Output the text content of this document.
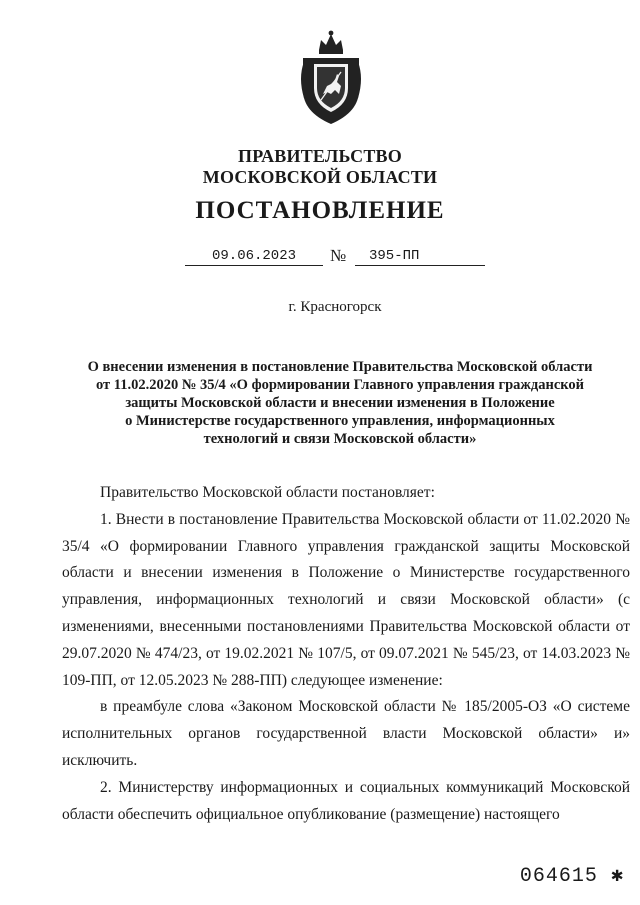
ПРАВИТЕЛЬСТВО
МОСКОВСКОЙ ОБЛАСТИ
ПОСТАНОВЛЕНИЕ
09.06.2023	№	395-ПП
г. Красногорск
О внесении изменения в постановление Правительства Московской области
от 11.02.2020 № 35/4 «О формировании Главного управления гражданской
защиты Московской области и внесении изменения в Положение
о Министерстве государственного управления, информационных
технологий и связи Московской области»

Правительство Московской области постановляет:

1. Внести в постановление Правительства Московской области от 11.02.2020 № 35/4 «О формировании Главного управления гражданской защиты Московской области и внесении изменения в Положение о Министерстве государственного управления, информационных технологий и связи Московской области» (с изменениями, внесенными постановлениями Правительства Московской области от 29.07.2020 № 474/23, от 19.02.2021 № 107/5, от 09.07.2021 № 545/23, от 14.03.2023 № 109-ПП, от 12.05.2023 № 288-ПП) следующее изменение:

в преамбуле слова «Законом Московской области № 185/2005-ОЗ «О системе исполнительных органов государственной власти Московской области» и» исключить.

2. Министерству информационных и социальных коммуникаций Московской области обеспечить официальное опубликование (размещение) настоящего

064615 ✱
